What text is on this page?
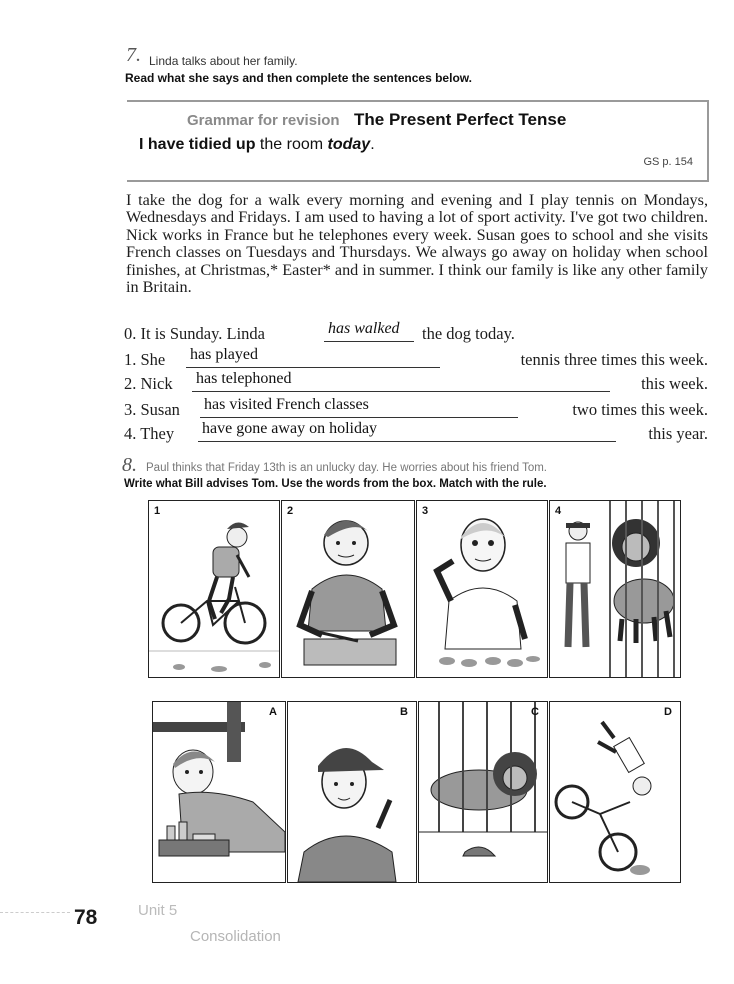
7. Linda talks about her family.
Read what she says and then complete the sentences below.
Grammar for revision The Present Perfect Tense
I have tidied up the room today.
GS p. 154
I take the dog for a walk every morning and evening and I play tennis on Mondays, Wednesdays and Fridays. I am used to having a lot of sport activity. I've got two children. Nick works in France but he telephones every week. Susan goes to school and she visits French classes on Tuesdays and Thursdays. We always go away on holiday when school finishes, at Christmas,* Easter* and in summer. I think our family is like any other family in Britain.
0. It is Sunday. Linda	has walked the dog today.
1. She has played	tennis three times this week.
2. Nick has telephoned	this week.
3. Susan has visited French classes	two times this week.
4. They have gone away on holiday	this year.
8. Paul thinks that Friday 13th is an unlucky day. He worries about his friend Tom.
Write what Bill advises Tom. Use the words from the box. Match with the rule.
1	2	3	4
A	B	C	D
78	Unit 5
Consolidation
